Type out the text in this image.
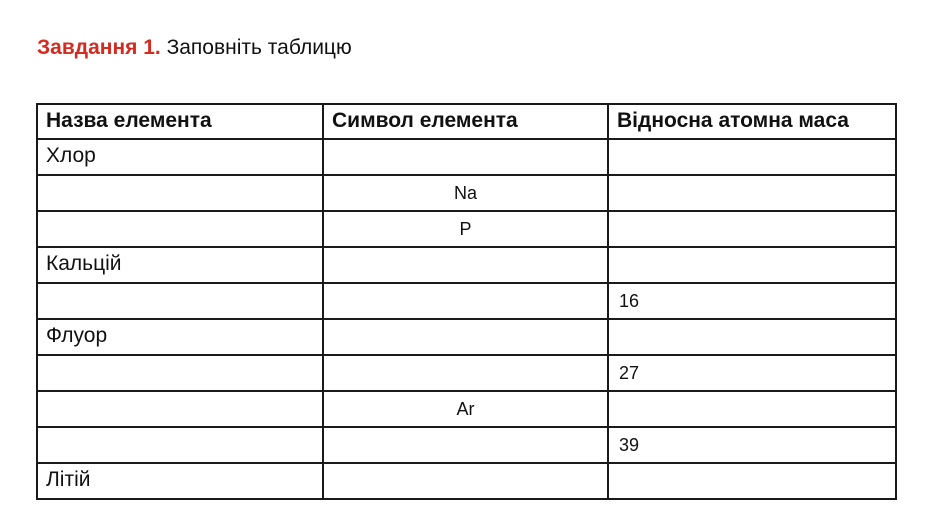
Завдання 1. Заповніть таблицю
Назва елемента	Символ елемента	Відносна атомна маса
Хлор		
	Na	
	P	
Кальцій		
		16
Флуор		
		27
	Ar	
		39
Літій		
